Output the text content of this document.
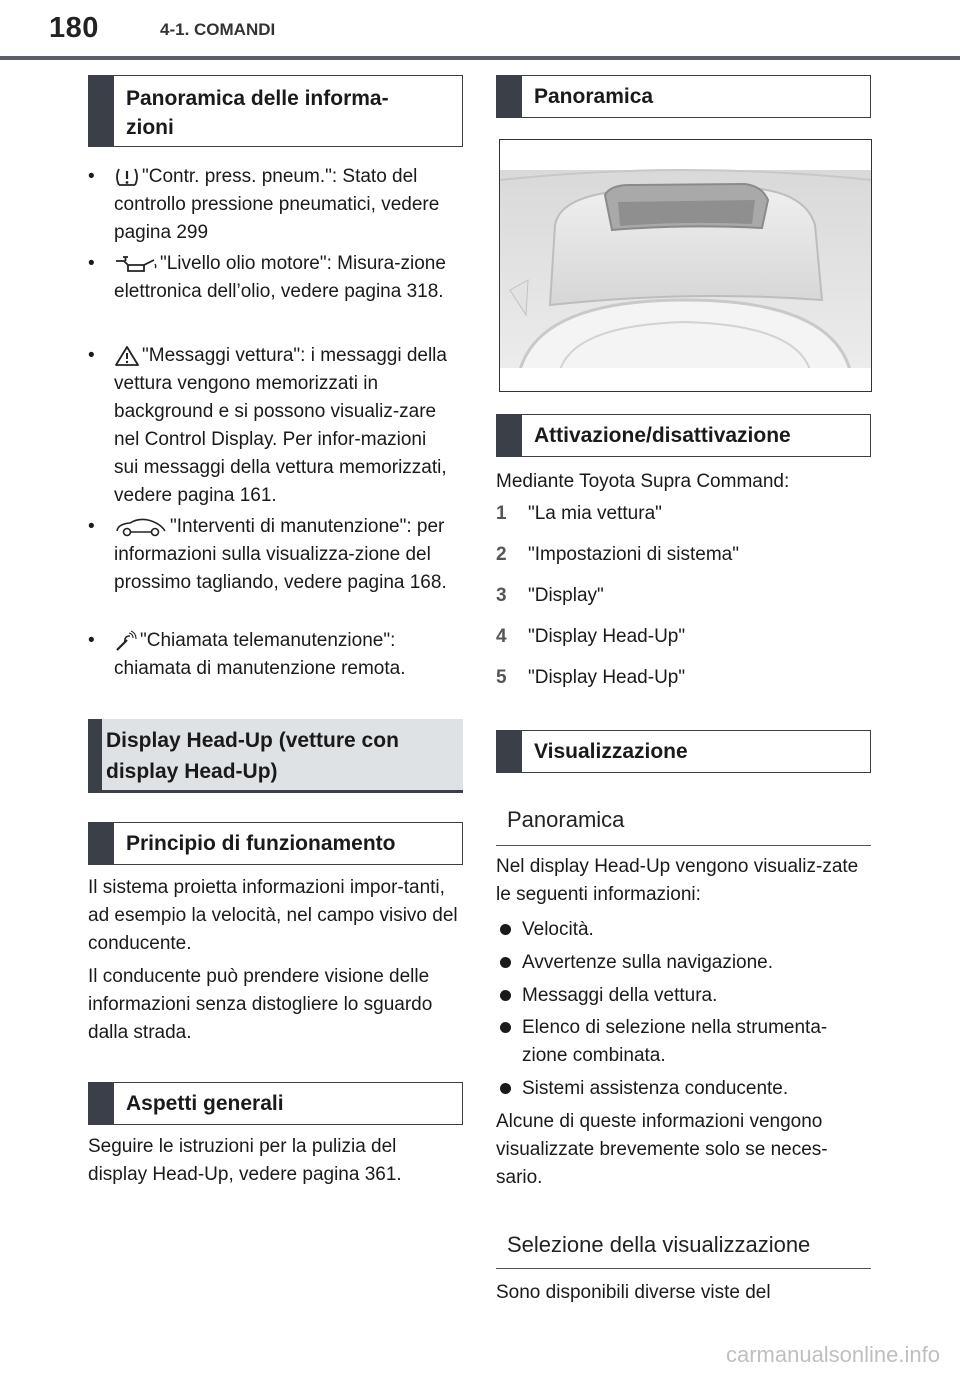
180	4-1. COMANDI
Panoramica delle informa-
zioni
•	"Contr. press. pneum.": Stato del controllo pressione pneumatici, vedere pagina 299
•	"Livello olio motore": Misura-zione elettronica dell’olio, vedere pagina 318.
•	"Messaggi vettura": i messaggi della vettura vengono memorizzati in background e si possono visualiz-zare nel Control Display. Per infor-mazioni sui messaggi della vettura memorizzati, vedere pagina 161.
•	"Interventi di manutenzione": per informazioni sulla visualizza-zione del prossimo tagliando, vedere pagina 168.
•	"Chiamata telemanutenzione": chiamata di manutenzione remota.
Display Head-Up (vetture con display Head-Up)
Principio di funzionamento
Il sistema proietta informazioni impor-tanti, ad esempio la velocità, nel campo visivo del conducente.
Il conducente può prendere visione delle informazioni senza distogliere lo sguardo dalla strada.
Aspetti generali
Seguire le istruzioni per la pulizia del display Head-Up, vedere pagina 361.
Panoramica
Attivazione/disattivazione
Mediante Toyota Supra Command:
1 "La mia vettura"
2 "Impostazioni di sistema"
3 "Display"
4 "Display Head-Up"
5 "Display Head-Up"
Visualizzazione
Panoramica
Nel display Head-Up vengono visualiz-zate le seguenti informazioni:
Velocità.
Avvertenze sulla navigazione.
Messaggi della vettura.
Elenco di selezione nella strumenta-zione combinata.
Sistemi assistenza conducente.
Alcune di queste informazioni vengono visualizzate brevemente solo se neces-sario.
Selezione della visualizzazione
Sono disponibili diverse viste del
carmanualsonline.info
